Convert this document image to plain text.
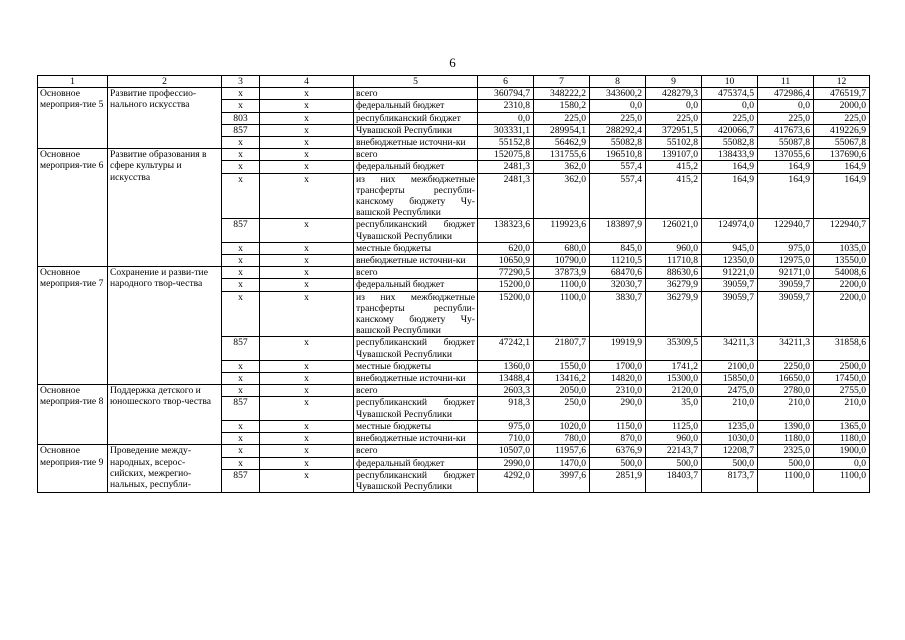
6
1	2	3	4	5	6	7	8	9	10	11	12
Основное мероприя-тие 5	Развитие профессио-нального искусства	x	x	всего	360794,7	348222,2	343600,2	428279,3	475374,5	472986,4	476519,7
		x	x	федеральный бюджет	2310,8	1580,2	0,0	0,0	0,0	0,0	2000,0
		803	x	республиканский бюджет	0,0	225,0	225,0	225,0	225,0	225,0	225,0
		857	x	Чувашской Республики	303331,1	289954,1	288292,4	372951,5	420066,7	417673,6	419226,9
		x	x	внебюджетные источни-ки	55152,8	56462,9	55082,8	55102,8	55082,8	55087,8	55067,8
Основное мероприя-тие 6	Развитие образования в сфере культуры и искусства	x	x	всего	152075,8	131755,6	196510,8	139107,0	138433,9	137055,6	137690,6
		x	x	федеральный бюджет	2481,3	362,0	557,4	415,2	164,9	164,9	164,9
		x	x	из них межбюджетные трансферты республи-канскому бюджету Чу-вашской Республики	2481,3	362,0	557,4	415,2	164,9	164,9	164,9
		857	x	республиканский бюджет Чувашской Республики	138323,6	119923,6	183897,9	126021,0	124974,0	122940,7	122940,7
		x	x	местные бюджеты	620,0	680,0	845,0	960,0	945,0	975,0	1035,0
		x	x	внебюджетные источни-ки	10650,9	10790,0	11210,5	11710,8	12350,0	12975,0	13550,0
Основное мероприя-тие 7	Сохранение и разви-тие народного твор-чества	x	x	всего	77290,5	37873,9	68470,6	88630,6	91221,0	92171,0	54008,6
		x	x	федеральный бюджет	15200,0	1100,0	32030,7	36279,9	39059,7	39059,7	2200,0
		x	x	из них межбюджетные трансферты республи-канскому бюджету Чу-вашской Республики	15200,0	1100,0	3830,7	36279,9	39059,7	39059,7	2200,0
		857	x	республиканский бюджет Чувашской Республики	47242,1	21807,7	19919,9	35309,5	34211,3	34211,3	31858,6
		x	x	местные бюджеты	1360,0	1550,0	1700,0	1741,2	2100,0	2250,0	2500,0
		x	x	внебюджетные источни-ки	13488,4	13416,2	14820,0	15300,0	15850,0	16650,0	17450,0
Основное мероприя-тие 8	Поддержка детского и юношеского твор-чества	x	x	всего	2603,3	2050,0	2310,0	2120,0	2475,0	2780,0	2755,0
		857	x	республиканский бюджет Чувашской Республики	918,3	250,0	290,0	35,0	210,0	210,0	210,0
		x	x	местные бюджеты	975,0	1020,0	1150,0	1125,0	1235,0	1390,0	1365,0
		x	x	внебюджетные источни-ки	710,0	780,0	870,0	960,0	1030,0	1180,0	1180,0
Основное мероприя-тие 9	Проведение между-народных, всерос-сийских, межрегио-нальных, республи-	x	x	всего	10507,0	11957,6	6376,9	22143,7	12208,7	2325,0	1900,0
		x	x	федеральный бюджет	2990,0	1470,0	500,0	500,0	500,0	500,0	0,0
		857	x	республиканский бюджет Чувашской Республики	4292,0	3997,6	2851,9	18403,7	8173,7	1100,0	1100,0
